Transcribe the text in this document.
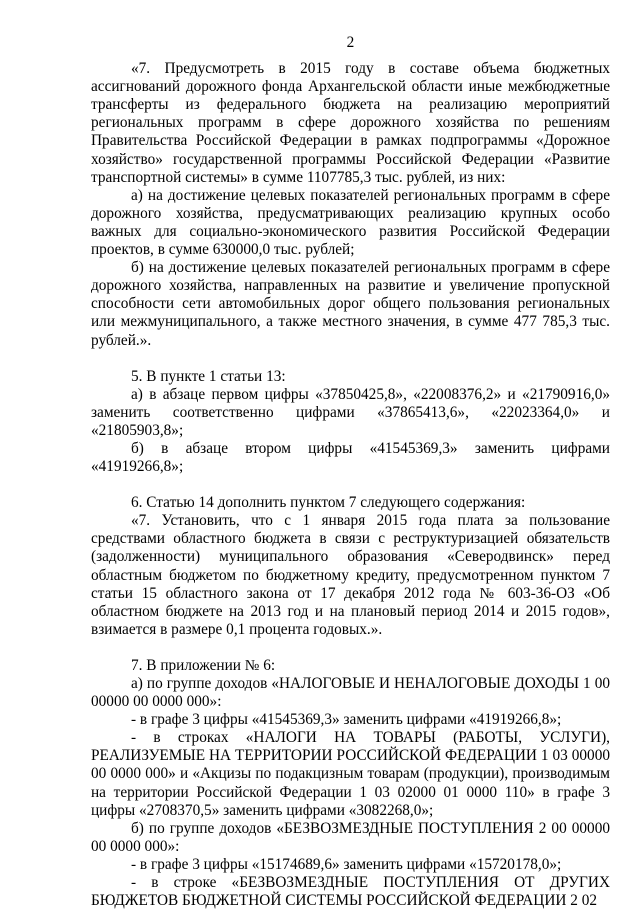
2

«7. Предусмотреть в 2015 году в составе объема бюджетных ассигнований дорожного фонда Архангельской области иные межбюджетные трансферты из федерального бюджета на реализацию мероприятий региональных программ в сфере дорожного хозяйства по решениям Правительства Российской Федерации в рамках подпрограммы «Дорожное хозяйство» государственной программы Российской Федерации «Развитие транспортной системы» в сумме 1107785,3 тыс. рублей, из них:

а) на достижение целевых показателей региональных программ в сфере дорожного хозяйства, предусматривающих реализацию крупных особо важных для социально-экономического развития Российской Федерации проектов, в сумме 630000,0 тыс. рублей;

б) на достижение целевых показателей региональных программ в сфере дорожного хозяйства, направленных на развитие и увеличение пропускной способности сети автомобильных дорог общего пользования региональных или межмуниципального, а также местного значения, в сумме 477 785,3 тыс. рублей.».

5. В пункте 1 статьи 13:

а) в абзаце первом цифры «37850425,8», «22008376,2» и «21790916,0» заменить соответственно цифрами «37865413,6», «22023364,0» и «21805903,8»;

б) в абзаце втором цифры «41545369,3» заменить цифрами «41919266,8»;

6. Статью 14 дополнить пунктом 7 следующего содержания:

«7. Установить, что с 1 января 2015 года плата за пользование средствами областного бюджета в связи с реструктуризацией обязательств (задолженности) муниципального образования «Северодвинск» перед областным бюджетом по бюджетному кредиту, предусмотренном пунктом 7 статьи 15 областного закона от 17 декабря 2012 года № 603-36-ОЗ «Об областном бюджете на 2013 год и на плановый период 2014 и 2015 годов», взимается в размере 0,1 процента годовых.».

7. В приложении № 6:

а) по группе доходов «НАЛОГОВЫЕ И НЕНАЛОГОВЫЕ ДОХОДЫ 1 00 00000 00 0000 000»:

- в графе 3 цифры «41545369,3» заменить цифрами «41919266,8»;

- в строках «НАЛОГИ НА ТОВАРЫ (РАБОТЫ, УСЛУГИ), РЕАЛИЗУЕМЫЕ НА ТЕРРИТОРИИ РОССИЙСКОЙ ФЕДЕРАЦИИ 1 03 00000 00 0000 000» и «Акцизы по подакцизным товарам (продукции), производимым на территории Российской Федерации 1 03 02000 01 0000 110» в графе 3 цифры «2708370,5» заменить цифрами «3082268,0»;

б) по группе доходов «БЕЗВОЗМЕЗДНЫЕ ПОСТУПЛЕНИЯ 2 00 00000 00 0000 000»:

- в графе 3 цифры «15174689,6» заменить цифрами «15720178,0»;

- в строке «БЕЗВОЗМЕЗДНЫЕ ПОСТУПЛЕНИЯ ОТ ДРУГИХ БЮДЖЕТОВ БЮДЖЕТНОЙ СИСТЕМЫ РОССИЙСКОЙ ФЕДЕРАЦИИ 2 02
